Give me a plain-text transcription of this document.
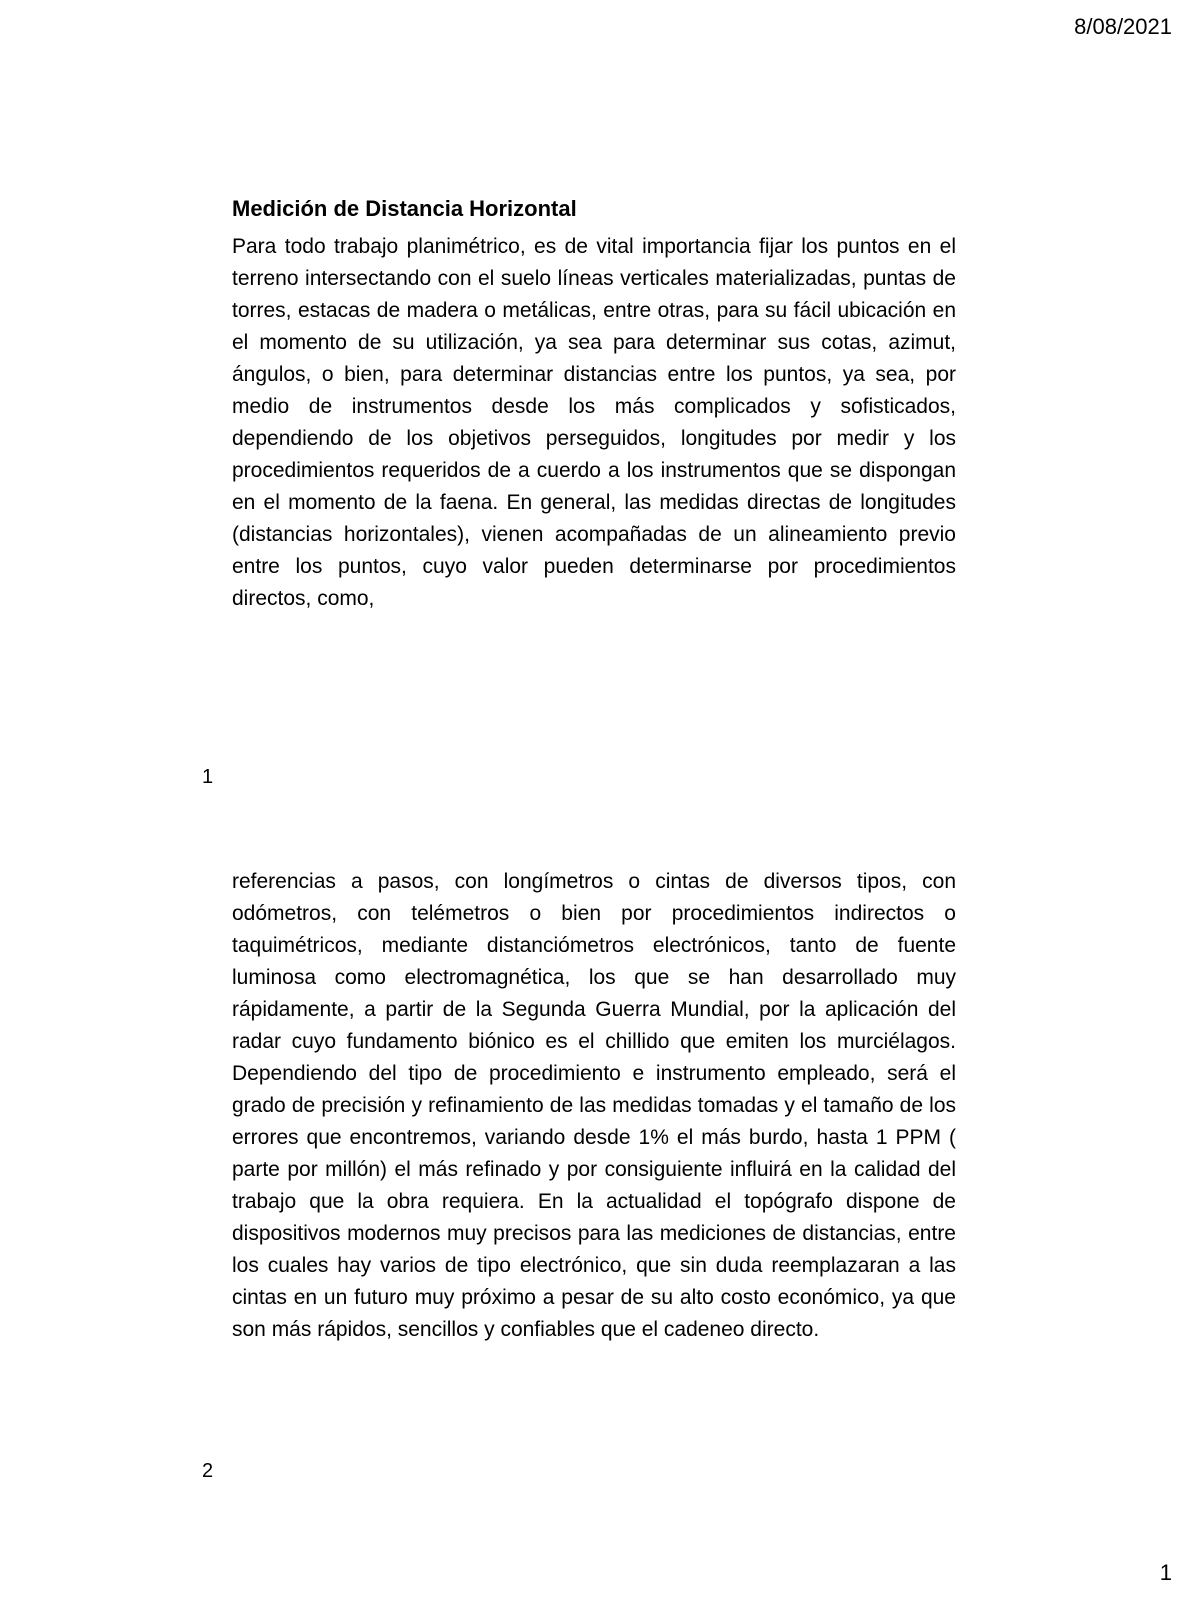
8/08/2021

Medición de Distancia Horizontal

Para todo trabajo planimétrico, es de vital importancia fijar los puntos en el terreno intersectando con el suelo líneas verticales materializadas, puntas de torres, estacas de madera o metálicas, entre otras, para su fácil ubicación en el momento de su utilización, ya sea para determinar sus cotas, azimut, ángulos, o bien, para determinar distancias entre los puntos, ya sea, por medio de instrumentos desde los más complicados y sofisticados, dependiendo de los objetivos perseguidos, longitudes por medir y los procedimientos requeridos de a cuerdo a los instrumentos que se dispongan en el momento de la faena. En general, las medidas directas de longitudes (distancias horizontales), vienen acompañadas de un alineamiento previo entre los puntos, cuyo valor pueden determinarse por procedimientos directos, como,

1

referencias a pasos, con longímetros o cintas de diversos tipos, con odómetros, con telémetros o bien por procedimientos indirectos o taquimétricos, mediante distanciómetros electrónicos, tanto de fuente luminosa como electromagnética, los que se han desarrollado muy rápidamente, a partir de la Segunda Guerra Mundial, por la aplicación del radar cuyo fundamento biónico es el chillido que emiten los murciélagos. Dependiendo del tipo de procedimiento e instrumento empleado, será el grado de precisión y refinamiento de las medidas tomadas y el tamaño de los errores que encontremos, variando desde 1% el más burdo, hasta 1 PPM ( parte por millón) el más refinado y por consiguiente influirá en la calidad del trabajo que la obra requiera. En la actualidad el topógrafo dispone de dispositivos modernos muy precisos para las mediciones de distancias, entre los cuales hay varios de tipo electrónico, que sin duda reemplazaran a las cintas en un futuro muy próximo a pesar de su alto costo económico, ya que son más rápidos, sencillos y confiables que el cadeneo directo.

2
1
